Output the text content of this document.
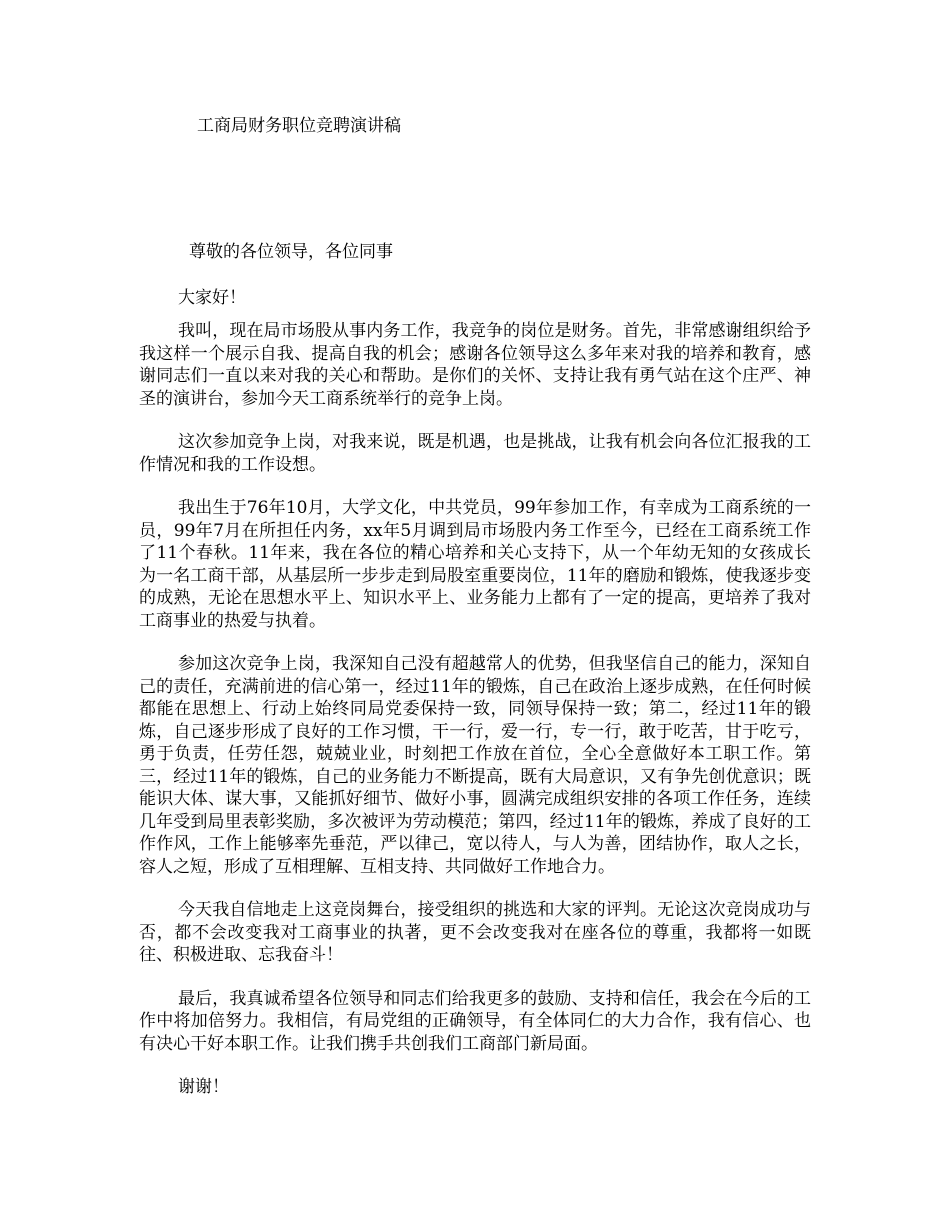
工商局财务职位竞聘演讲稿
尊敬的各位领导，各位同事
大家好！

我叫，现在局市场股从事内务工作，我竞争的岗位是财务。首先，非常感谢组织给予我这样一个展示自我、提高自我的机会；感谢各位领导这么多年来对我的培养和教育，感谢同志们一直以来对我的关心和帮助。是你们的关怀、支持让我有勇气站在这个庄严、神圣的演讲台，参加今天工商系统举行的竞争上岗。

这次参加竞争上岗，对我来说，既是机遇，也是挑战，让我有机会向各位汇报我的工作情况和我的工作设想。

我出生于76年10月，大学文化，中共党员，99年参加工作，有幸成为工商系统的一员，99年7月在所担任内务，xx年5月调到局市场股内务工作至今，已经在工商系统工作了11个春秋。11年来，我在各位的精心培养和关心支持下，从一个年幼无知的女孩成长为一名工商干部，从基层所一步步走到局股室重要岗位，11年的磨励和锻炼，使我逐步变的成熟，无论在思想水平上、知识水平上、业务能力上都有了一定的提高，更培养了我对工商事业的热爱与执着。

参加这次竞争上岗，我深知自己没有超越常人的优势，但我坚信自己的能力，深知自己的责任，充满前进的信心第一，经过11年的锻炼，自己在政治上逐步成熟，在任何时候都能在思想上、行动上始终同局党委保持一致，同领导保持一致；第二，经过11年的锻炼，自己逐步形成了良好的工作习惯，干一行，爱一行，专一行，敢于吃苦，甘于吃亏，勇于负责，任劳任怨，兢兢业业，时刻把工作放在首位，全心全意做好本工职工作。第三，经过11年的锻炼，自己的业务能力不断提高，既有大局意识，又有争先创优意识；既能识大体、谋大事，又能抓好细节、做好小事，圆满完成组织安排的各项工作任务，连续几年受到局里表彰奖励，多次被评为劳动模范；第四，经过11年的锻炼，养成了良好的工作作风，工作上能够率先垂范，严以律己，宽以待人，与人为善，团结协作，取人之长，容人之短，形成了互相理解、互相支持、共同做好工作地合力。

今天我自信地走上这竞岗舞台，接受组织的挑选和大家的评判。无论这次竞岗成功与否，都不会改变我对工商事业的执著，更不会改变我对在座各位的尊重，我都将一如既往、积极进取、忘我奋斗！

最后，我真诚希望各位领导和同志们给我更多的鼓励、支持和信任，我会在今后的工作中将加倍努力。我相信，有局党组的正确领导，有全体同仁的大力合作，我有信心、也有决心干好本职工作。让我们携手共创我们工商部门新局面。

谢谢！
